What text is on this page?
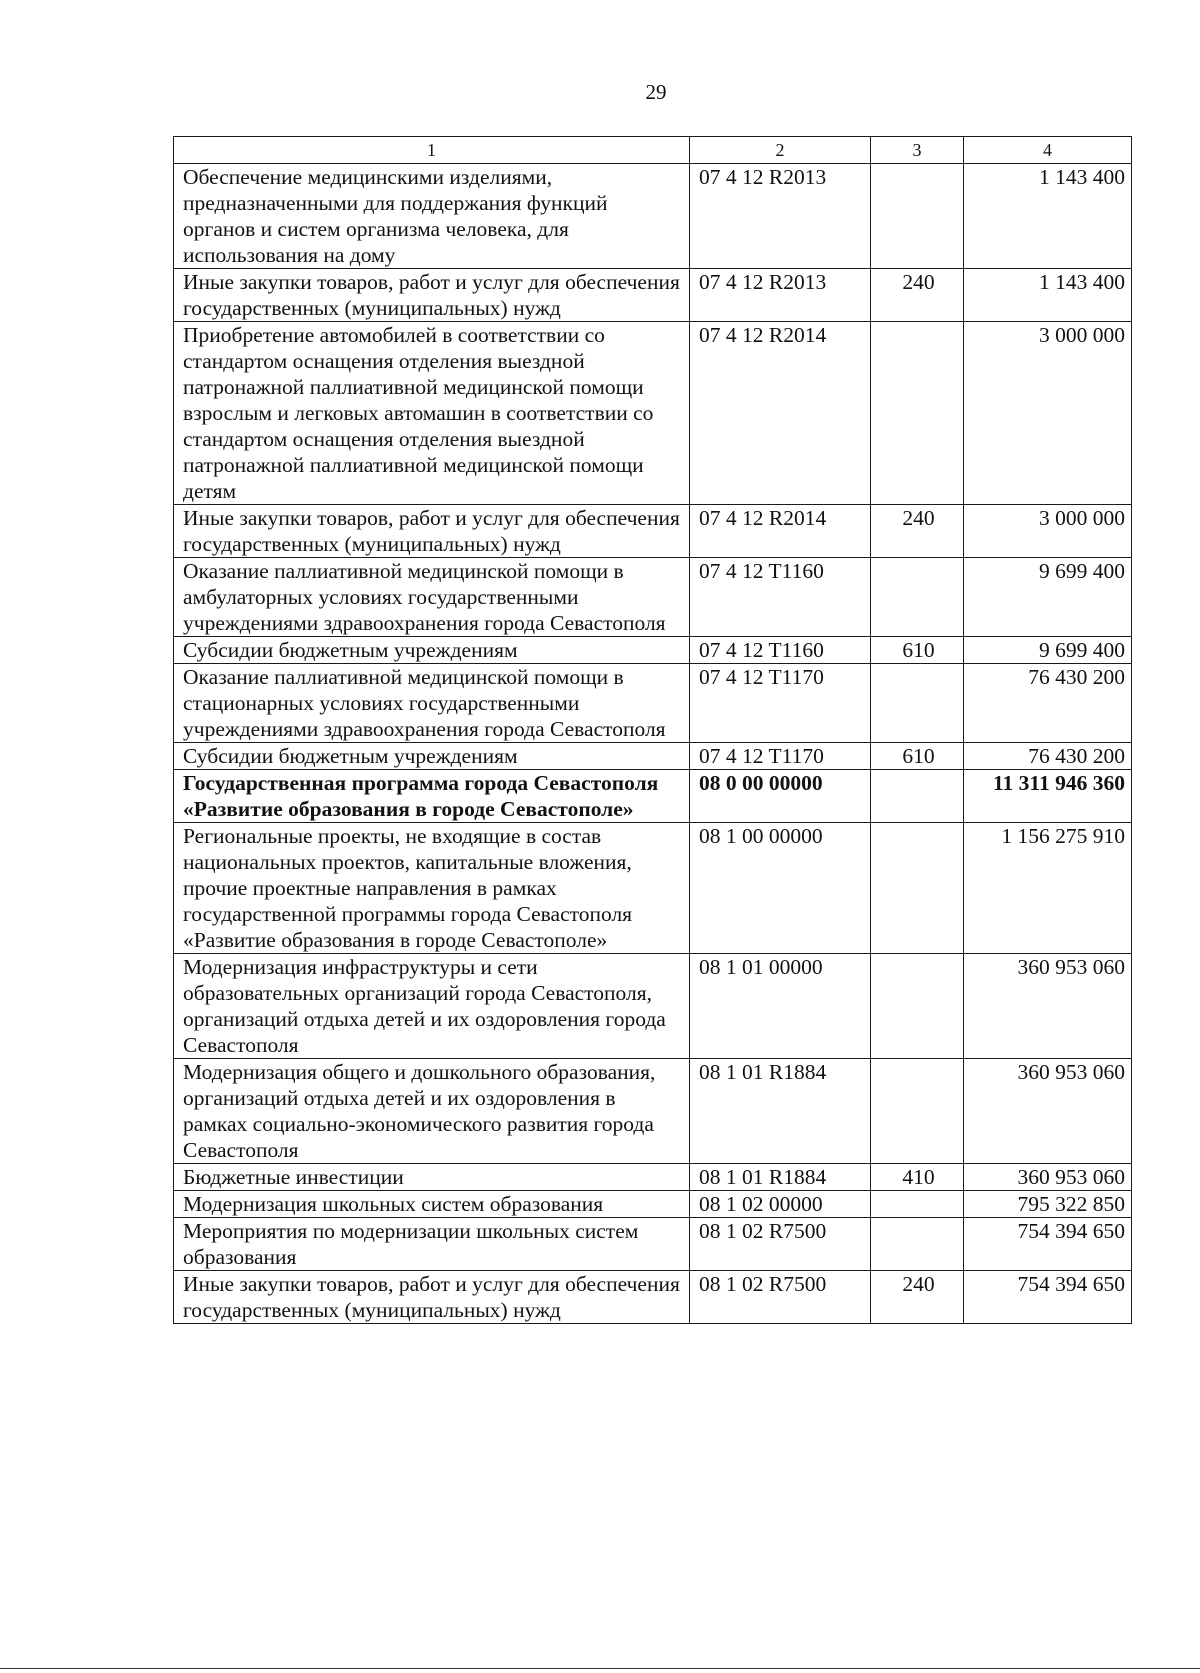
29
1	2	3	4
Обеспечение медицинскими изделиями, предназначенными для поддержания функций органов и систем организма человека, для использования на дому	07 4 12 R2013		1 143 400
Иные закупки товаров, работ и услуг для обеспечения государственных (муниципальных) нужд	07 4 12 R2013	240	1 143 400
Приобретение автомобилей в соответствии со стандартом оснащения отделения выездной патронажной паллиативной медицинской помощи взрослым и легковых автомашин в соответствии со стандартом оснащения отделения выездной патронажной паллиативной медицинской помощи детям	07 4 12 R2014		3 000 000
Иные закупки товаров, работ и услуг для обеспечения государственных (муниципальных) нужд	07 4 12 R2014	240	3 000 000
Оказание паллиативной медицинской помощи в амбулаторных условиях государственными учреждениями здравоохранения города Севастополя	07 4 12 T1160		9 699 400
Субсидии бюджетным учреждениям	07 4 12 T1160	610	9 699 400
Оказание паллиативной медицинской помощи в стационарных условиях государственными учреждениями здравоохранения города Севастополя	07 4 12 T1170		76 430 200
Субсидии бюджетным учреждениям	07 4 12 T1170	610	76 430 200
Государственная программа города Севастополя «Развитие образования в городе Севастополе»	08 0 00 00000		11 311 946 360
Региональные проекты, не входящие в состав национальных проектов, капитальные вложения, прочие проектные направления в рамках государственной программы города Севастополя «Развитие образования в городе Севастополе»	08 1 00 00000		1 156 275 910
Модернизация инфраструктуры и сети образовательных организаций города Севастополя, организаций отдыха детей и их оздоровления города Севастополя	08 1 01 00000		360 953 060
Модернизация общего и дошкольного образования, организаций отдыха детей и их оздоровления в рамках социально-экономического развития города Севастополя	08 1 01 R1884		360 953 060
Бюджетные инвестиции	08 1 01 R1884	410	360 953 060
Модернизация школьных систем образования	08 1 02 00000		795 322 850
Мероприятия по модернизации школьных систем образования	08 1 02 R7500		754 394 650
Иные закупки товаров, работ и услуг для обеспечения государственных (муниципальных) нужд	08 1 02 R7500	240	754 394 650
